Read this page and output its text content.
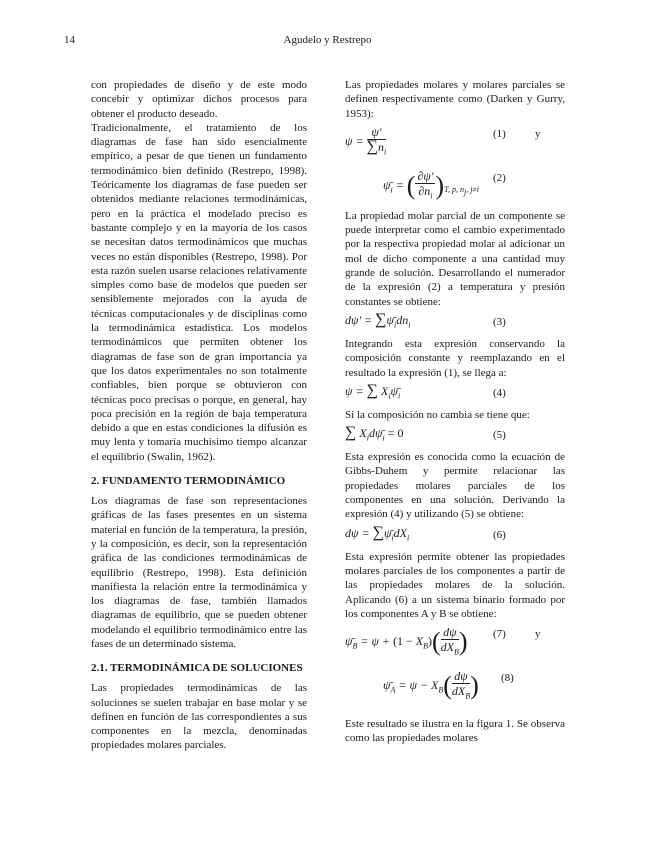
14	Agudelo y Restrepo

con propiedades de diseño y de este modo concebir y optimizar dichos procesos para obtener el producto deseado.

Tradicionalmente, el tratamiento de los diagramas de fase han sido esencialmente empírico, a pesar de que tienen un fundamento termodinámico bien definido (Restrepo, 1998). Teóricamente los diagramas de fase pueden ser obtenidos mediante relaciones termodinámicas, pero en la práctica el modelado preciso es bastante complejo y en la mayoría de los casos se necesitan datos termodinámicos que muchas veces no están disponibles (Restrepo, 1998). Por esta razón suelen usarse relaciones relativamente simples como base de modelos que pueden ser sensiblemente mejorados con la ayuda de técnicas computacionales y de disciplinas como la termodinámica estadística. Los modelos termodinámicos que permiten obtener los diagramas de fase son de gran importancia ya que los datos experimentales no son totalmente confiables, bien porque se obtuvieron con técnicas poco precisas o porque, en general, hay poca precisión en la región de baja temperatura debido a que en estas condiciones la difusión es muy lenta y tomaría muchísimo tiempo alcanzar el equilibrio (Swalin, 1962).

2. FUNDAMENTO TERMODINÁMICO

Los diagramas de fase son representaciones gráficas de las fases presentes en un sistema material en función de la temperatura, la presión, y la composición, es decir, son la representación gráfica de las condiciones termodinámicas de equilibrio (Restrepo, 1998). Esta definición manifiesta la relación entre la termodinámica y los diagramas de fase, también llamados diagramas de equilibrio, que se pueden obtener modelando el equilibrio termodinámico entre las fases de un determinado sistema.

2.1. TERMODINÁMICA DE SOLUCIONES

Las propiedades termodinámicas de las soluciones se suelen trabajar en base molar y se definen en función de las correspondientes a sus componentes en la mezcla, denominadas propiedades molares parciales.

Las propiedades molares y molares parciales se definen respectivamente como (Darken y Gurry, 1953):

$\psi = \frac{\psi'}{\sum n_i}$	(1)	y
$\psī_i$ = ( $\frac{\partial\psi'}{\partial n_i} )_{T, p, n_j, j\ne i}$
(2)

La propiedad molar parcial de un componente se puede interpretar como el cambio experimentado por la respectiva propiedad molar al adicionar un mol de dicho componente a una cantidad muy grande de solución. Desarrollando el numerador de la expresión (2) a temperatura y presión constantes se obtiene:

$d\psi' = \sum\psī_idn_i$	(3)

Integrando esta expresión conservando la composición constante y reemplazando en el resultado la expresión (1), se llega a:

ψ = ∑ $X_i\psī_i$	(4)

Si la composición no cambia se tiene que:

∑ $X_id\psī_i = 0$	(5)

Esta expresión es conocida como la ecuación de Gibbs-Duhem y permite relacionar las propiedades molares parciales de los componentes en una solución. Derivando la expresión (4) y utilizando (5) se obtiene:

$d\psi = \sum\psī_idX_i$	(6)

Esta expresión permite obtener las propiedades molares parciales de los componentes a partir de las propiedades molares de la solución. Aplicando (6) a un sistema binario formado por los componentes A y B se obtiene:

$\psī_B = \psi + (1 - X_B)( \frac{d\psi}{dX_B}$ ) (7)	y
$\psī_A = \psi - X_B( \frac{d\psi}{dX_B}$ ) (8)

Este resultado se ilustra en la figura 1. Se observa como las propiedades molares
